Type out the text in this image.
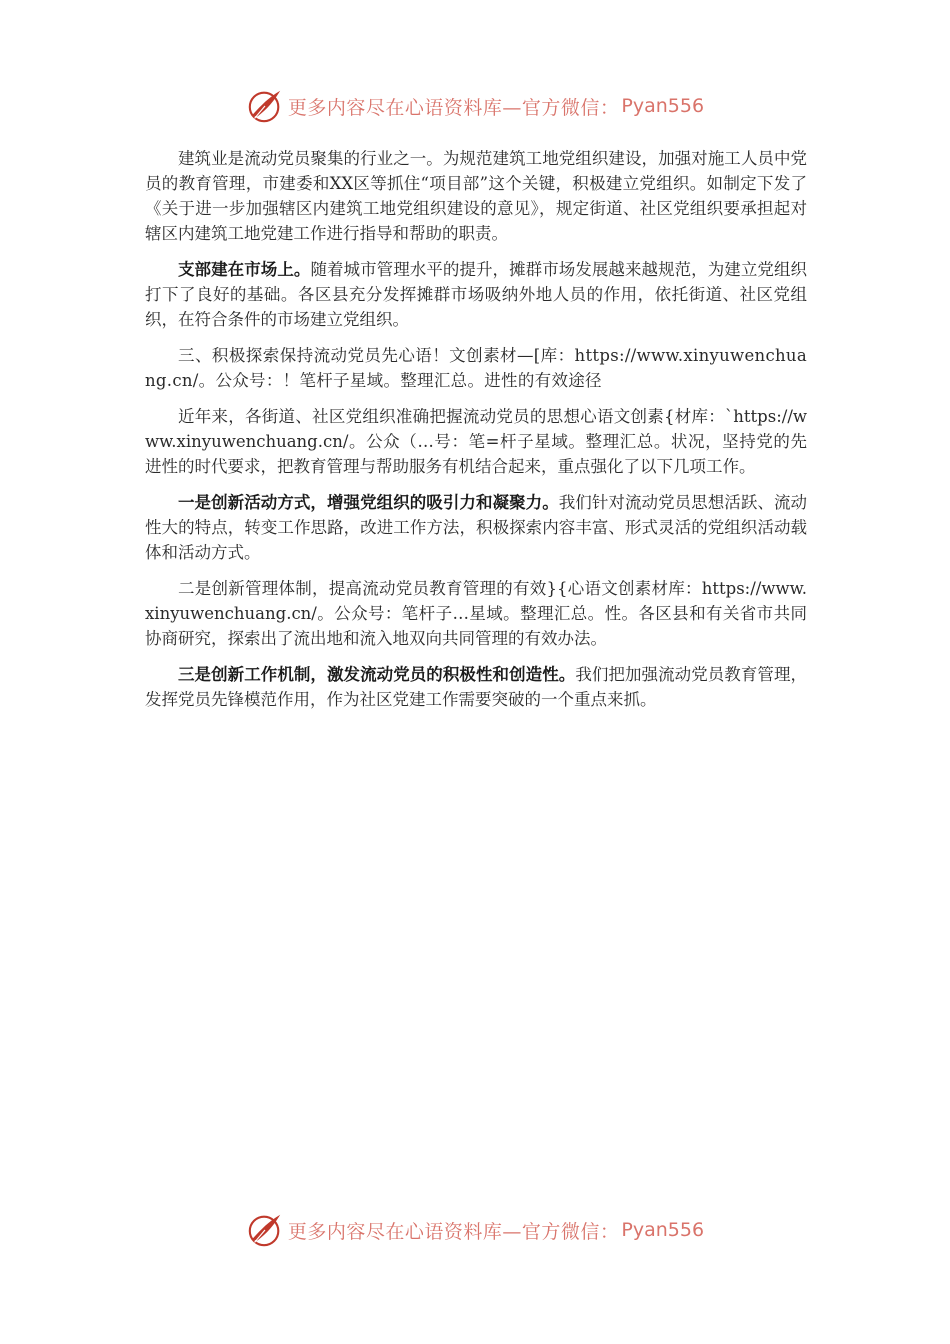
更多内容尽在心语资料库—官方微信： Pyan556

建筑业是流动党员聚集的行业之一。为规范建筑工地党组织建设，加强对施工人员中党员的教育管理，市建委和XX区等抓住“项目部”这个关键，积极建立党组织。如制定下发了《关于进一步加强辖区内建筑工地党组织建设的意见》，规定街道、社区党组织要承担起对辖区内建筑工地党建工作进行指导和帮助的职责。

支部建在市场上。随着城市管理水平的提升，摊群市场发展越来越规范，为建立党组织打下了良好的基础。各区县充分发挥摊群市场吸纳外地人员的作用，依托街道、社区党组织，在符合条件的市场建立党组织。

三、积极探索保持流动党员先心语！文创素材—[库：https://www.xinyuwenchuang.cn/。公众号：！笔杆子星域。整理汇总。进性的有效途径

近年来，各街道、社区党组织准确把握流动党员的思想心语文创素{材库：`https://www.xinyuwenchuang.cn/。公众（…号：笔=杆子星域。整理汇总。状况，坚持党的先进性的时代要求，把教育管理与帮助服务有机结合起来，重点强化了以下几项工作。

一是创新活动方式，增强党组织的吸引力和凝聚力。我们针对流动党员思想活跃、流动性大的特点，转变工作思路，改进工作方法，积极探索内容丰富、形式灵活的党组织活动载体和活动方式。

二是创新管理体制，提高流动党员教育管理的有效}{心语文创素材库：https://www.xinyuwenchuang.cn/。公众号：笔杆子…星域。整理汇总。性。各区县和有关省市共同协商研究，探索出了流出地和流入地双向共同管理的有效办法。

三是创新工作机制，激发流动党员的积极性和创造性。我们把加强流动党员教育管理，发挥党员先锋模范作用，作为社区党建工作需要突破的一个重点来抓。

更多内容尽在心语资料库—官方微信： Pyan556
